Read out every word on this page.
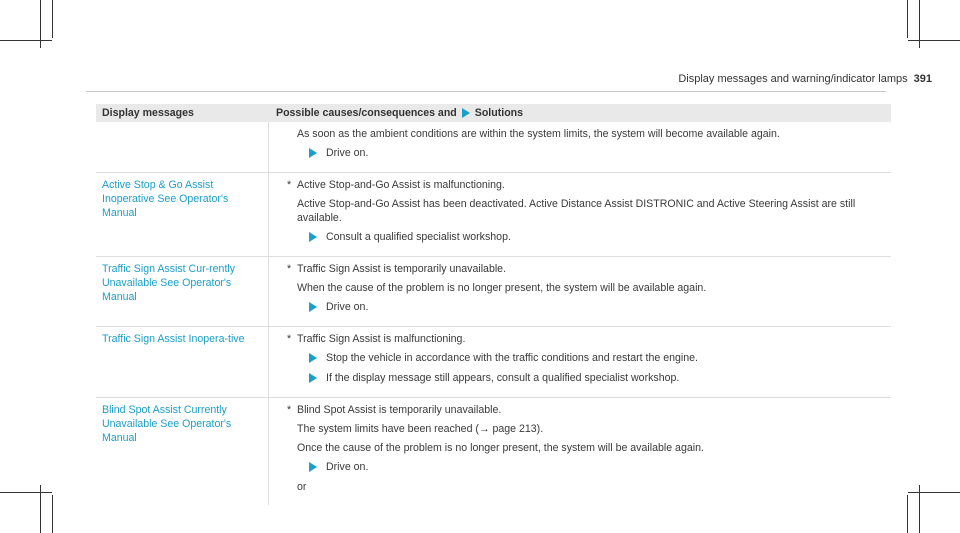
Display messages and warning/indicator lamps 391
Display messages	Possible causes/consequences and Solutions
As soon as the ambient conditions are within the system limits, the system will become available again.
Drive on.
Active Stop & Go Assist Inoperative See Operator's Manual
* Active Stop-and-Go Assist is malfunctioning.
Active Stop-and-Go Assist has been deactivated. Active Distance Assist DISTRONIC and Active Steering Assist are still available.
Consult a qualified specialist workshop.
Traffic Sign Assist Cur-rently Unavailable See Operator's Manual
* Traffic Sign Assist is temporarily unavailable.
When the cause of the problem is no longer present, the system will be available again.
Drive on.
Traffic Sign Assist Inopera-tive	* Traffic Sign Assist is malfunctioning.
Stop the vehicle in accordance with the traffic conditions and restart the engine.
If the display message still appears, consult a qualified specialist workshop.
Blind Spot Assist Currently Unavailable See Operator's Manual
* Blind Spot Assist is temporarily unavailable.
The system limits have been reached (→ page 213).
Once the cause of the problem is no longer present, the system will be available again.
Drive on.
or
